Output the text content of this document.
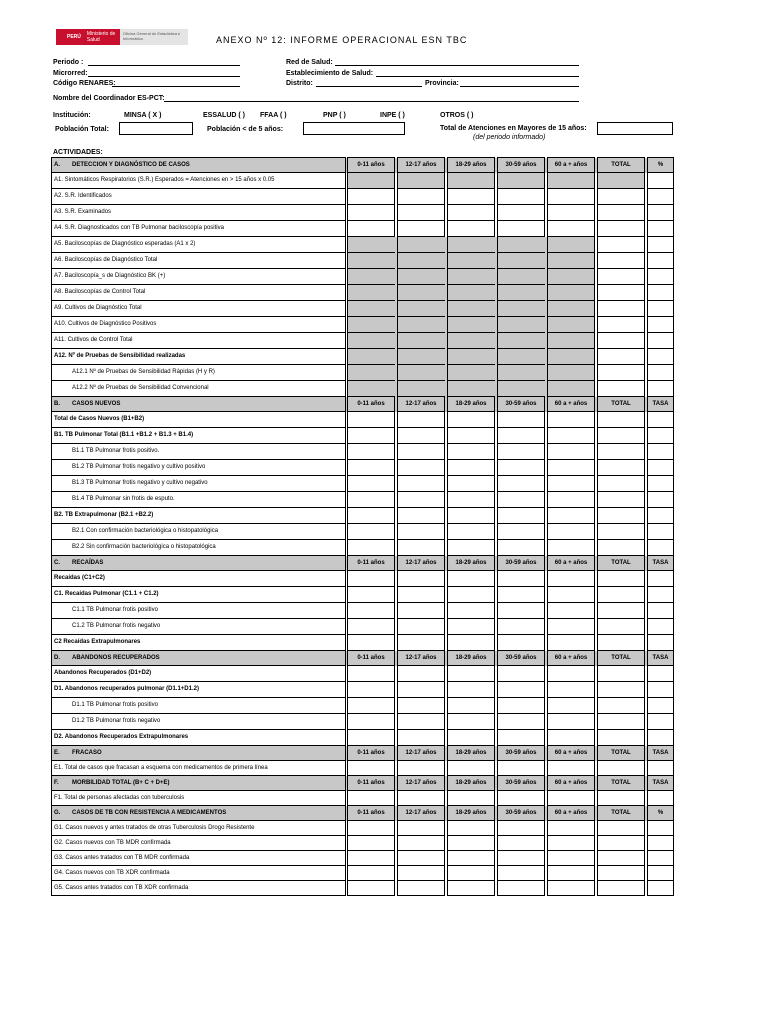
PERÚ	Ministerio de Salud
Oficina General de Estadística e Informática	ANEXO Nº 12: INFORME OPERACIONAL ESN TBC
Periodo :
Microrred:
Código RENARES:
Red de Salud:
Establecimiento de Salud:
Distrito:	Provincia:
Nombre del Coordinador ES-PCT:
Institución:	MINSA ( X )	ESSALUD ( ) FFAA ( )	PNP ( )	INPE ( )	OTROS ( )
Población Total:	Población < de 5 años:	Total de Atenciones en Mayores de 15 años:
(del periodo informado)
ACTIVIDADES:
A. DETECCION Y DIAGNÓSTICO DE CASOS		0-11 años		12-17 años		18-29 años		30-59 años		60 a + años		TOTAL		%
A1. Sintomáticos Respiratorios (S.R.) Esperados = Atenciones en > 15 años x 0.05														
A2. S.R. Identificados														
A3. S.R. Examinados														
A4. S.R. Diagnosticados con TB Pulmonar baciloscopía positiva														
A5. Baciloscopías de Diagnóstico esperadas (A1 x 2)														
A6. Baciloscopías de Diagnóstico Total														
A7. Baciloscopía_s de Diagnóstico BK (+)														
A8. Baciloscopías de Control Total														
A9. Cultivos de Diagnóstico Total														
A10. Cultivos de Diagnóstico Positivos														
A11. Cultivos de Control Total														
A12. Nº de Pruebas de Sensibilidad realizadas														
A12.1 Nº de Pruebas de Sensibilidad Rápidas (H y R)														
A12.2 Nº de Pruebas de Sensibilidad Convencional														
B. CASOS NUEVOS		0-11 años		12-17 años		18-29 años		30-59 años		60 a + años		TOTAL		TASA
Total de Casos Nuevos (B1+B2)														
B1. TB Pulmonar Total (B1.1 +B1.2 + B1.3 + B1.4)														
B1.1 TB Pulmonar frotis positivo.														
B1.2 TB Pulmonar frotis negativo y cultivo positivo														
B1.3 TB Pulmonar frotis negativo y cultivo negativo														
B1.4 TB Pulmonar sin frotis de esputo.														
B2. TB Extrapulmonar (B2.1 +B2.2)														
B2.1 Con confirmación bacteriológica o histopatológica														
B2.2 Sin confirmación bacteriológica o histopatológica														
C. RECAÍDAS		0-11 años		12-17 años		18-29 años		30-59 años		60 a + años		TOTAL		TASA
Recaídas (C1+C2)														
C1. Recaídas Pulmonar (C1.1 + C1.2)														
C1.1 TB Pulmonar frotis positivo														
C1.2 TB Pulmonar frotis negativo														
C2 Recaídas Extrapulmonares														
D. ABANDONOS RECUPERADOS		0-11 años		12-17 años		18-29 años		30-59 años		60 a + años		TOTAL		TASA
Abandonos Recuperados (D1+D2)														
D1. Abandonos recuperados pulmonar (D1.1+D1.2)														
D1.1 TB Pulmonar frotis positivo														
D1.2 TB Pulmonar frotis negativo														
D2. Abandonos Recuperados Extrapulmonares														
E. FRACASO		0-11 años		12-17 años		18-29 años		30-59 años		60 a + años		TOTAL		TASA
E1. Total de casos que fracasan a esquema con medicamentos de primera línea														
F. MORBILIDAD TOTAL (B+ C + D+E)		0-11 años		12-17 años		18-29 años		30-59 años		60 a + años		TOTAL		TASA
F1. Total de personas afectadas con tuberculosis														
G. CASOS DE TB CON RESISTENCIA A MEDICAMENTOS		0-11 años		12-17 años		18-29 años		30-59 años		60 a + años		TOTAL		%
G1. Casos nuevos y antes tratados de otras Tuberculosis Drogo Resistente														
G2. Casos nuevos con TB MDR confirmada														
G3. Casos antes tratados con TB MDR confirmada														
G4. Casos nuevos con TB XDR confirmada														
G5. Casos antes tratados con TB XDR confirmada														
